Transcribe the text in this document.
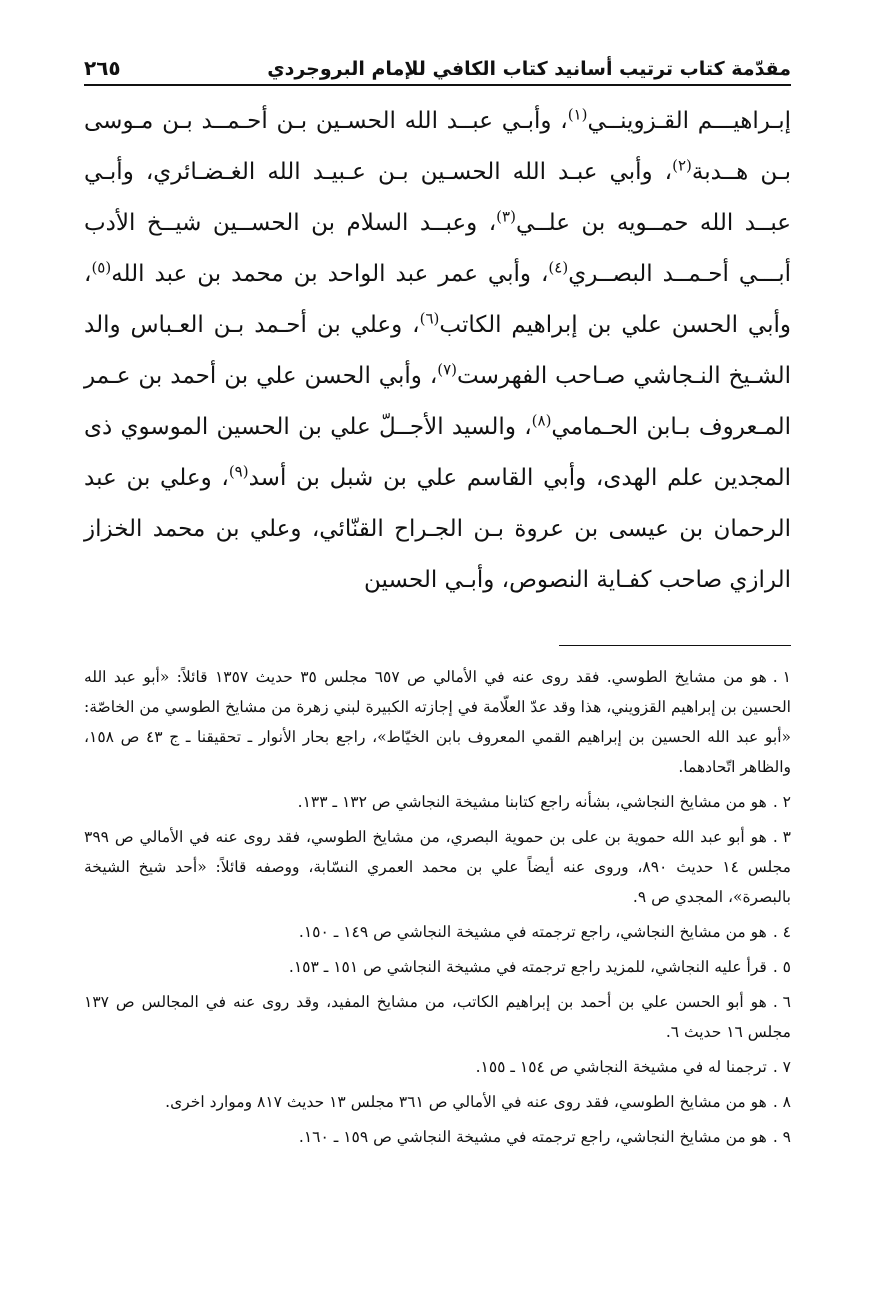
مقدّمة كتاب ترتيب أسانيد كتاب الكافي للإمام البروجردي
٢٦٥

إبـراهيـــم القـزوينــي$^{(١)}$، وأبـي عبــد الله الحسـين بـن أحـمــد بـن مـوسى بـن هــدبة$^{(٢)}$، وأبي عبـد الله الحسـين بـن عـبيـد الله الغـضـائري، وأبـي عبــد الله حمــويه بن علــي$^{(٣)}$، وعبــد السلام بن الحســين شيــخ الأدب أبـــي أحـمــد البصــري$^{(٤)}$، وأبي عمر عبد الواحد بن محمد بن عبد الله$^{(٥)}$، وأبي الحسن علي بن إبراهيم الكاتب$^{(٦)}$، وعلي بن أحـمد بـن العـباس والد الشـيخ النـجاشي صـاحب الفهرست$^{(٧)}$، وأبي الحسن علي بن أحمد بن عـمر المـعروف بـابن الحـمامي$^{(٨)}$، والسيد الأجــلّ علي بن الحسين الموسوي ذى المجدين علم الهدى، وأبي القاسم علي بن شبل بن أسد$^{(٩)}$، وعلي بن عبد الرحمان بن عيسى بن عروة بـن الجـراح القنّائي، وعلي بن محمد الخزاز الرازي صاحب كفـاية النصوص، وأبـي الحسين

١ .هو من مشايخ الطوسي. فقد روى عنه في الأمالي ص ٦٥٧ مجلس ٣٥ حديث ١٣٥٧ قائلاً: «أبو عبد الله الحسين بن إبراهيم القزويني، هذا وقد عدّ العلّامة في إجازته الكبيرة لبني زهرة من مشايخ الطوسي من الخاصّة: «أبو عبد الله الحسين بن إبراهيم القمي المعروف بابن الخيّاط»، راجع بحار الأنوار ـ تحقيقنا ـ ج ٤٣ ص ١٥٨، والظاهر اتّحادهما.
٢ .هو من مشايخ النجاشي، بشأنه راجع كتابنا مشيخة النجاشي ص ١٣٢ ـ ١٣٣.
٣ .هو أبو عبد الله حموية بن على بن حموية البصري، من مشايخ الطوسي، فقد روى عنه في الأمالي ص ٣٩٩ مجلس ١٤ حديث ٨٩٠، وروى عنه أيضاً علي بن محمد العمري النسّابة، ووصفه قائلاً: «أحد شيخ الشيخة بالبصرة»، المجدي ص ٩.
٤ .هو من مشايخ النجاشي، راجع ترجمته في مشيخة النجاشي ص ١٤٩ ـ ١٥٠.
٥ .قرأ عليه النجاشي، للمزيد راجع ترجمته في مشيخة النجاشي ص ١٥١ ـ ١٥٣.
٦ .هو أبو الحسن علي بن أحمد بن إبراهيم الكاتب، من مشايخ المفيد، وقد روى عنه في المجالس ص ١٣٧ مجلس ١٦ حديث ٦.
٧ .ترجمنا له في مشيخة النجاشي ص ١٥٤ ـ ١٥٥.
٨ .هو من مشايخ الطوسي، فقد روى عنه في الأمالي ص ٣٦١ مجلس ١٣ حديث ٨١٧ وموارد اخرى.
٩ .هو من مشايخ النجاشي، راجع ترجمته في مشيخة النجاشي ص ١٥٩ ـ ١٦٠.
